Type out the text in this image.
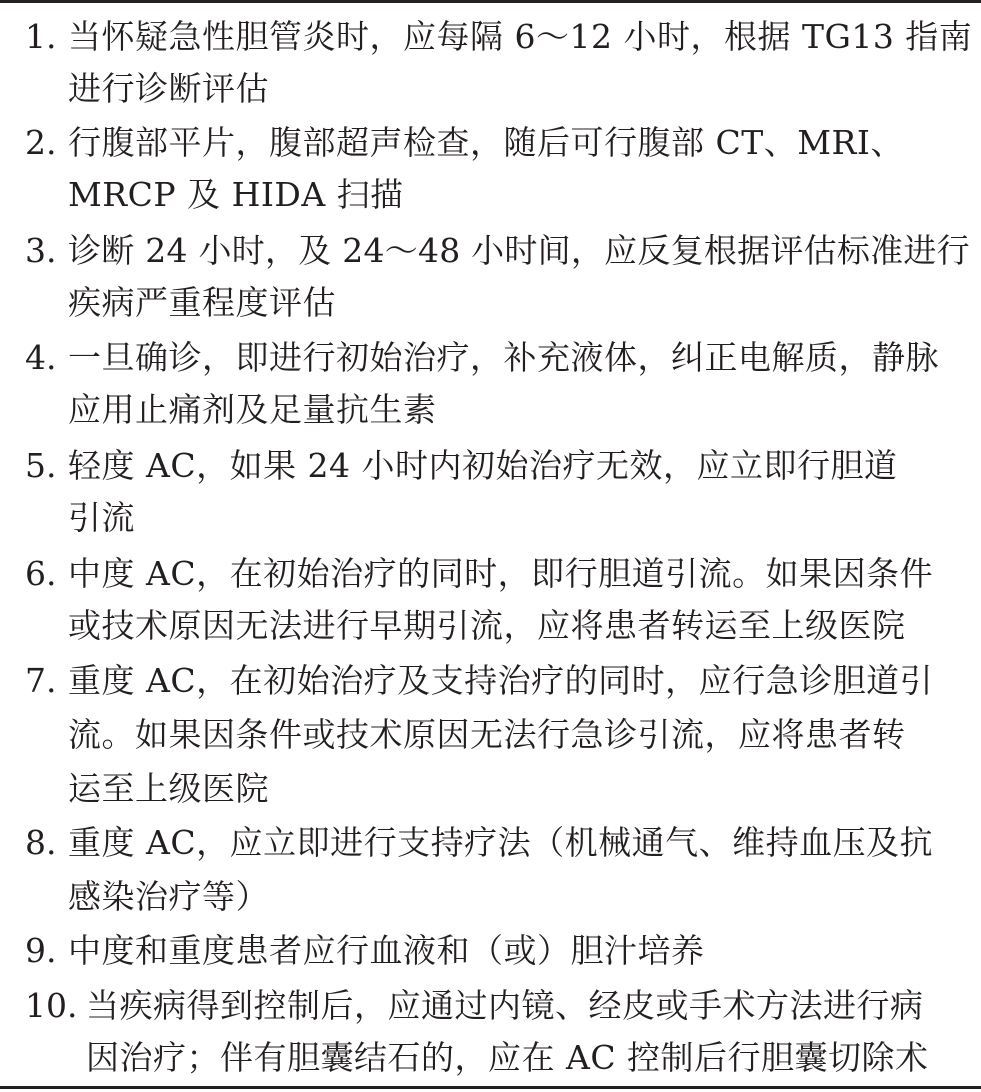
1. 当怀疑急性胆管炎时，应每隔 6～12 小时，根据 TG13 指南
进行诊断评估
2. 行腹部平片，腹部超声检查，随后可行腹部 CT、MRI、
MRCP 及 HIDA 扫描
3. 诊断 24 小时，及 24～48 小时间，应反复根据评估标准进行
疾病严重程度评估
4. 一旦确诊，即进行初始治疗，补充液体，纠正电解质，静脉
应用止痛剂及足量抗生素
5. 轻度 AC，如果 24 小时内初始治疗无效，应立即行胆道
引流
6. 中度 AC，在初始治疗的同时，即行胆道引流。如果因条件
或技术原因无法进行早期引流，应将患者转运至上级医院
7. 重度 AC，在初始治疗及支持治疗的同时，应行急诊胆道引
流。如果因条件或技术原因无法行急诊引流，应将患者转
运至上级医院
8. 重度 AC，应立即进行支持疗法（机械通气、维持血压及抗
感染治疗等）
9. 中度和重度患者应行血液和（或）胆汁培养
10. 当疾病得到控制后，应通过内镜、经皮或手术方法进行病
因治疗；伴有胆囊结石的，应在 AC 控制后行胆囊切除术
